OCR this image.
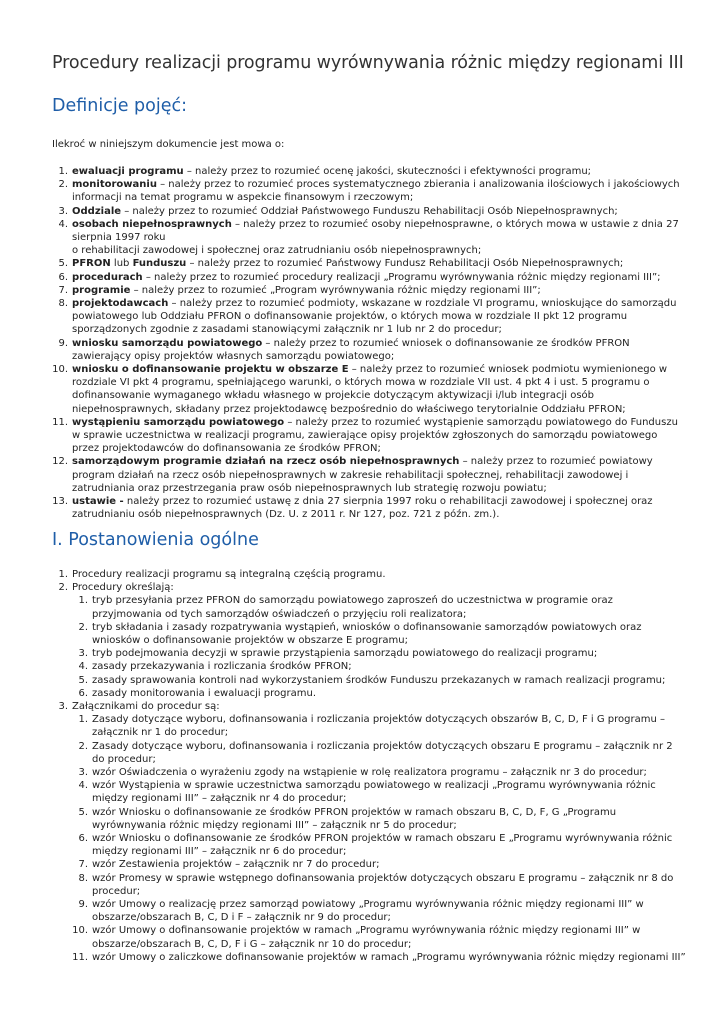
Procedury realizacji programu wyrównywania różnic między regionami III
Definicje pojęć:
Ilekroć w niniejszym dokumencie jest mowa o:
1. ewaluacji programu – należy przez to rozumieć ocenę jakości, skuteczności i efektywności programu;
2. monitorowaniu – należy przez to rozumieć proces systematycznego zbierania i analizowania ilościowych i jakościowych informacji na temat programu w aspekcie finansowym i rzeczowym;
3. Oddziale – należy przez to rozumieć Oddział Państwowego Funduszu Rehabilitacji Osób Niepełnosprawnych;
4. osobach niepełnosprawnych – należy przez to rozumieć osoby niepełnosprawne, o których mowa w ustawie z dnia 27 sierpnia 1997 roku
o rehabilitacji zawodowej i społecznej oraz zatrudnianiu osób niepełnosprawnych;
5. PFRON lub Funduszu – należy przez to rozumieć Państwowy Fundusz Rehabilitacji Osób Niepełnosprawnych;
6. procedurach – należy przez to rozumieć procedury realizacji „Programu wyrównywania różnic między regionami III”;
7. programie – należy przez to rozumieć „Program wyrównywania różnic między regionami III”;
8. projektodawcach – należy przez to rozumieć podmioty, wskazane w rozdziale VI programu, wnioskujące do samorządu powiatowego lub Oddziału PFRON o dofinansowanie projektów, o których mowa w rozdziale II pkt 12 programu sporządzonych zgodnie z zasadami stanowiącymi załącznik nr 1 lub nr 2 do procedur;
9. wniosku samorządu powiatowego – należy przez to rozumieć wniosek o dofinansowanie ze środków PFRON zawierający opisy projektów własnych samorządu powiatowego;
10. wniosku o dofinansowanie projektu w obszarze E – należy przez to rozumieć wniosek podmiotu wymienionego w rozdziale VI pkt 4 programu, spełniającego warunki, o których mowa w rozdziale VII ust. 4 pkt 4 i ust. 5 programu o dofinansowanie wymaganego wkładu własnego w projekcie dotyczącym aktywizacji i/lub integracji osób niepełnosprawnych, składany przez projektodawcę bezpośrednio do właściwego terytorialnie Oddziału PFRON;
11. wystąpieniu samorządu powiatowego – należy przez to rozumieć wystąpienie samorządu powiatowego do Funduszu w sprawie uczestnictwa w realizacji programu, zawierające opisy projektów zgłoszonych do samorządu powiatowego przez projektodawców do dofinansowania ze środków PFRON;
12. samorządowym programie działań na rzecz osób niepełnosprawnych – należy przez to rozumieć powiatowy program działań na rzecz osób niepełnosprawnych w zakresie rehabilitacji społecznej, rehabilitacji zawodowej i zatrudniania oraz przestrzegania praw osób niepełnosprawnych lub strategię rozwoju powiatu;
13. ustawie - należy przez to rozumieć ustawę z dnia 27 sierpnia 1997 roku o rehabilitacji zawodowej i społecznej oraz zatrudnianiu osób niepełnosprawnych (Dz. U. z 2011 r. Nr 127, poz. 721 z późn. zm.).
I. Postanowienia ogólne
1. Procedury realizacji programu są integralną częścią programu.
2. Procedury określają:
1. tryb przesyłania przez PFRON do samorządu powiatowego zaproszeń do uczestnictwa w programie oraz przyjmowania od tych samorządów oświadczeń o przyjęciu roli realizatora;
2. tryb składania i zasady rozpatrywania wystąpień, wniosków o dofinansowanie samorządów powiatowych oraz wniosków o dofinansowanie projektów w obszarze E programu;
3. tryb podejmowania decyzji w sprawie przystąpienia samorządu powiatowego do realizacji programu;
4. zasady przekazywania i rozliczania środków PFRON;
5. zasady sprawowania kontroli nad wykorzystaniem środków Funduszu przekazanych w ramach realizacji programu;
6. zasady monitorowania i ewaluacji programu.
3. Załącznikami do procedur są:
1. Zasady dotyczące wyboru, dofinansowania i rozliczania projektów dotyczących obszarów B, C, D, F i G programu – załącznik nr 1 do procedur;
2. Zasady dotyczące wyboru, dofinansowania i rozliczania projektów dotyczących obszaru E programu – załącznik nr 2 do procedur;
3. wzór Oświadczenia o wyrażeniu zgody na wstąpienie w rolę realizatora programu – załącznik nr 3 do procedur;
4. wzór Wystąpienia w sprawie uczestnictwa samorządu powiatowego w realizacji „Programu wyrównywania różnic między regionami III” – załącznik nr 4 do procedur;
5. wzór Wniosku o dofinansowanie ze środków PFRON projektów w ramach obszaru B, C, D, F, G „Programu wyrównywania różnic między regionami III” – załącznik nr 5 do procedur;
6. wzór Wniosku o dofinansowanie ze środków PFRON projektów w ramach obszaru E „Programu wyrównywania różnic między regionami III” – załącznik nr 6 do procedur;
7. wzór Zestawienia projektów – załącznik nr 7 do procedur;
8. wzór Promesy w sprawie wstępnego dofinansowania projektów dotyczących obszaru E programu – załącznik nr 8 do procedur;
9. wzór Umowy o realizację przez samorząd powiatowy „Programu wyrównywania różnic między regionami III” w obszarze/obszarach B, C, D i F – załącznik nr 9 do procedur;
10. wzór Umowy o dofinansowanie projektów w ramach „Programu wyrównywania różnic między regionami III” w obszarze/obszarach B, C, D, F i G – załącznik nr 10 do procedur;
11. wzór Umowy o zaliczkowe dofinansowanie projektów w ramach „Programu wyrównywania różnic między regionami III”
